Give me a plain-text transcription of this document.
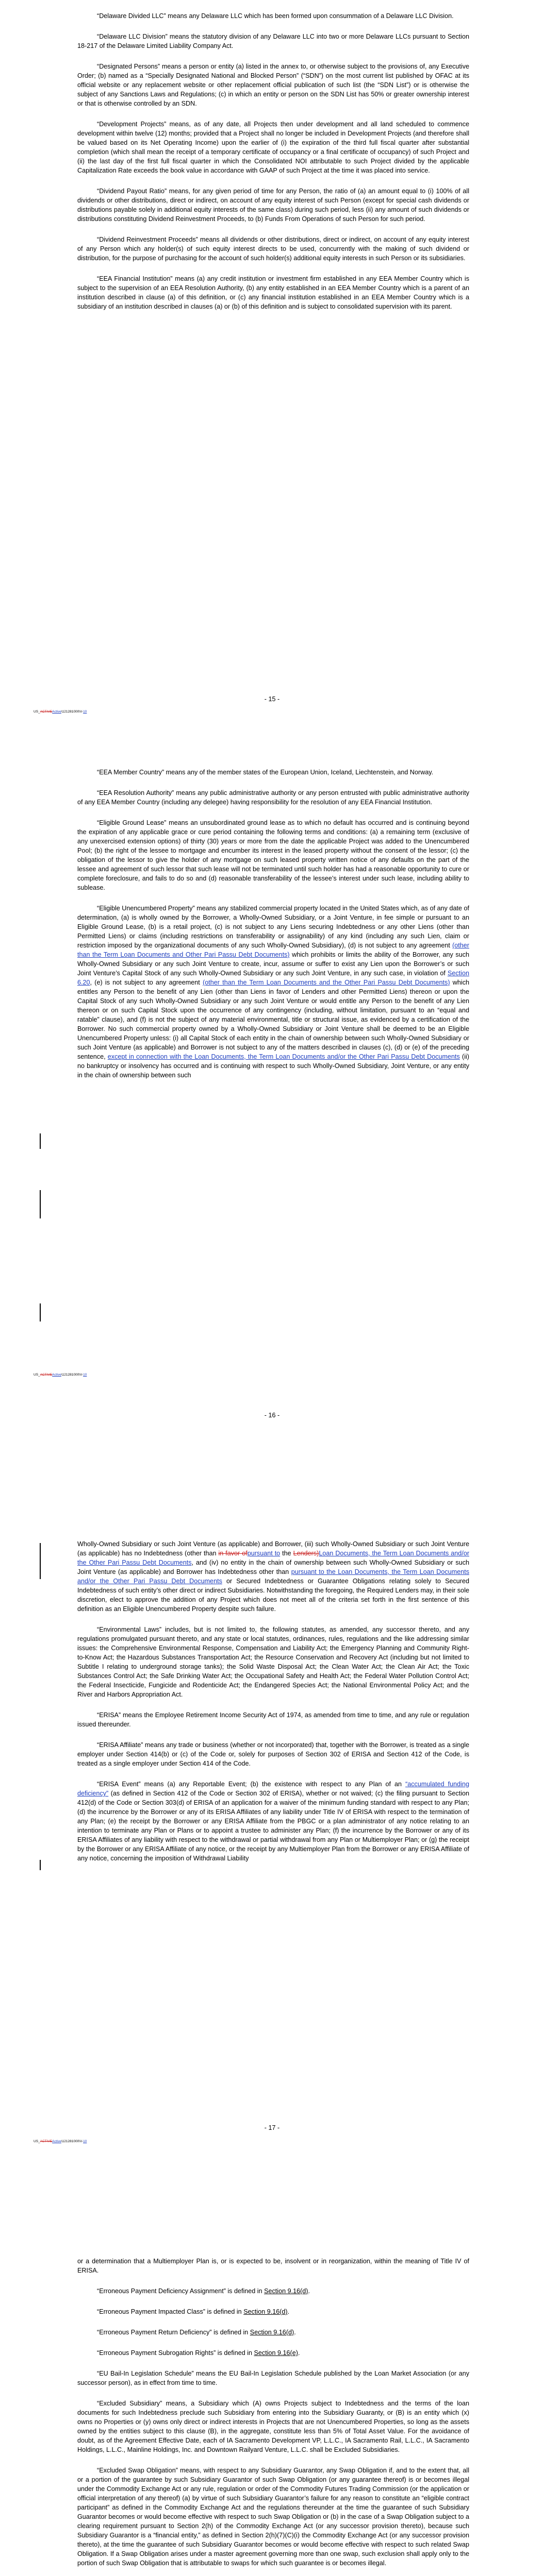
“Delaware Divided LLC” means any Delaware LLC which has been formed upon consummation of a Delaware LLC Division.

“Delaware LLC Division” means the statutory division of any Delaware LLC into two or more Delaware LLCs pursuant to Section 18-217 of the Delaware Limited Liability Company Act.

“Designated Persons” means a person or entity (a) listed in the annex to, or otherwise subject to the provisions of, any Executive Order; (b) named as a “Specially Designated National and Blocked Person” (“SDN”) on the most current list published by OFAC at its official website or any replacement website or other replacement official publication of such list (the “SDN List”) or is otherwise the subject of any Sanctions Laws and Regulations; (c) in which an entity or person on the SDN List has 50% or greater ownership interest or that is otherwise controlled by an SDN.

“Development Projects” means, as of any date, all Projects then under development and all land scheduled to commence development within twelve (12) months; provided that a Project shall no longer be included in Development Projects (and therefore shall be valued based on its Net Operating Income) upon the earlier of (i) the expiration of the third full fiscal quarter after substantial completion (which shall mean the receipt of a temporary certificate of occupancy or a final certificate of occupancy) of such Project and (ii) the last day of the first full fiscal quarter in which the Consolidated NOI attributable to such Project divided by the applicable Capitalization Rate exceeds the book value in accordance with GAAP of such Project at the time it was placed into service.

“Dividend Payout Ratio” means, for any given period of time for any Person, the ratio of (a) an amount equal to (i) 100% of all dividends or other distributions, direct or indirect, on account of any equity interest of such Person (except for special cash dividends or distributions payable solely in additional equity interests of the same class) during such period, less (ii) any amount of such dividends or distributions constituting Dividend Reinvestment Proceeds, to (b) Funds From Operations of such Person for such period.

“Dividend Reinvestment Proceeds” means all dividends or other distributions, direct or indirect, on account of any equity interest of any Person which any holder(s) of such equity interest directs to be used, concurrently with the making of such dividend or distribution, for the purpose of purchasing for the account of such holder(s) additional equity interests in such Person or its subsidiaries.

“EEA Financial Institution” means (a) any credit institution or investment firm established in any EEA Member Country which is subject to the supervision of an EEA Resolution Authority, (b) any entity established in an EEA Member Country which is a parent of an institution described in clause (a) of this definition, or (c) any financial institution established in an EEA Member Country which is a subsidiary of an institution described in clauses (a) or (b) of this definition and is subject to consolidated supervision with its parent.

- 15 -
US_ACTIVEActive\121281000\V-10

“EEA Member Country” means any of the member states of the European Union, Iceland, Liechtenstein, and Norway.

“EEA Resolution Authority” means any public administrative authority or any person entrusted with public administrative authority of any EEA Member Country (including any delegee) having responsibility for the resolution of any EEA Financial Institution.

“Eligible Ground Lease” means an unsubordinated ground lease as to which no default has occurred and is continuing beyond the expiration of any applicable grace or cure period containing the following terms and conditions: (a) a remaining term (exclusive of any unexercised extension options) of thirty (30) years or more from the date the applicable Project was added to the Unencumbered Pool; (b) the right of the lessee to mortgage and encumber its interest in the leased property without the consent of the lessor; (c) the obligation of the lessor to give the holder of any mortgage on such leased property written notice of any defaults on the part of the lessee and agreement of such lessor that such lease will not be terminated until such holder has had a reasonable opportunity to cure or complete foreclosure, and fails to do so and (d) reasonable transferability of the lessee’s interest under such lease, including ability to sublease.

“Eligible Unencumbered Property” means any stabilized commercial property located in the United States which, as of any date of determination, (a) is wholly owned by the Borrower, a Wholly-Owned Subsidiary, or a Joint Venture, in fee simple or pursuant to an Eligible Ground Lease, (b) is a retail project, (c) is not subject to any Liens securing Indebtedness or any other Liens (other than Permitted Liens) or claims (including restrictions on transferability or assignability) of any kind (including any such Lien, claim or restriction imposed by the organizational documents of any such Wholly-Owned Subsidiary), (d) is not subject to any agreement (other than the Term Loan Documents and Other Pari Passu Debt Documents) which prohibits or limits the ability of the Borrower, any such Wholly-Owned Subsidiary or any such Joint Venture to create, incur, assume or suffer to exist any Lien upon the Borrower’s or such Joint Venture’s Capital Stock of any such Wholly-Owned Subsidiary or any such Joint Venture, in any such case, in violation of Section 6.20, (e) is not subject to any agreement (other than the Term Loan Documents and the Other Pari Passu Debt Documents) which entitles any Person to the benefit of any Lien (other than Liens in favor of Lenders and other Permitted Liens) thereon or upon the Capital Stock of any such Wholly-Owned Subsidiary or any such Joint Venture or would entitle any Person to the benefit of any Lien thereon or on such Capital Stock upon the occurrence of any contingency (including, without limitation, pursuant to an “equal and ratable” clause), and (f) is not the subject of any material environmental, title or structural issue, as evidenced by a certification of the Borrower. No such commercial property owned by a Wholly-Owned Subsidiary or Joint Venture shall be deemed to be an Eligible Unencumbered Property unless: (i) all Capital Stock of each entity in the chain of ownership between such Wholly-Owned Subsidiary or such Joint Venture (as applicable) and Borrower is not subject to any of the matters described in clauses (c), (d) or (e) of the preceding sentence, except in connection with the Loan Documents, the Term Loan Documents and/or the Other Pari Passu Debt Documents (ii) no bankruptcy or insolvency has occurred and is continuing with respect to such Wholly-Owned Subsidiary, Joint Venture, or any entity in the chain of ownership between such

- 16 -
US_ACTIVEActive\121281000\V-10

Wholly-Owned Subsidiary or such Joint Venture (as applicable) and Borrower, (iii) such Wholly-Owned Subsidiary or such Joint Venture (as applicable) has no Indebtedness (other than in favor ofpursuant to the Lenders)Loan Documents, the Term Loan Documents and/or the Other Pari Passu Debt Documents, and (iv) no entity in the chain of ownership between such Wholly-Owned Subsidiary or such Joint Venture (as applicable) and Borrower has Indebtedness other than pursuant to the Loan Documents, the Term Loan Documents and/or the Other Pari Passu Debt Documents or Secured Indebtedness or Guarantee Obligations relating solely to Secured Indebtedness of such entity’s other direct or indirect Subsidiaries. Notwithstanding the foregoing, the Required Lenders may, in their sole discretion, elect to approve the addition of any Project which does not meet all of the criteria set forth in the first sentence of this definition as an Eligible Unencumbered Property despite such failure.

“Environmental Laws” includes, but is not limited to, the following statutes, as amended, any successor thereto, and any regulations promulgated pursuant thereto, and any state or local statutes, ordinances, rules, regulations and the like addressing similar issues: the Comprehensive Environmental Response, Compensation and Liability Act; the Emergency Planning and Community Right-to-Know Act; the Hazardous Substances Transportation Act; the Resource Conservation and Recovery Act (including but not limited to Subtitle I relating to underground storage tanks); the Solid Waste Disposal Act; the Clean Water Act; the Clean Air Act; the Toxic Substances Control Act; the Safe Drinking Water Act; the Occupational Safety and Health Act; the Federal Water Pollution Control Act; the Federal Insecticide, Fungicide and Rodenticide Act; the Endangered Species Act; the National Environmental Policy Act; and the River and Harbors Appropriation Act.

“ERISA” means the Employee Retirement Income Security Act of 1974, as amended from time to time, and any rule or regulation issued thereunder.

“ERISA Affiliate” means any trade or business (whether or not incorporated) that, together with the Borrower, is treated as a single employer under Section 414(b) or (c) of the Code or, solely for purposes of Section 302 of ERISA and Section 412 of the Code, is treated as a single employer under Section 414 of the Code.

“ERISA Event” means (a) any Reportable Event; (b) the existence with respect to any Plan of an “accumulated funding deficiency” (as defined in Section 412 of the Code or Section 302 of ERISA), whether or not waived; (c) the filing pursuant to Section 412(d) of the Code or Section 303(d) of ERISA of an application for a waiver of the minimum funding standard with respect to any Plan; (d) the incurrence by the Borrower or any of its ERISA Affiliates of any liability under Title IV of ERISA with respect to the termination of any Plan; (e) the receipt by the Borrower or any ERISA Affiliate from the PBGC or a plan administrator of any notice relating to an intention to terminate any Plan or Plans or to appoint a trustee to administer any Plan; (f) the incurrence by the Borrower or any of its ERISA Affiliates of any liability with respect to the withdrawal or partial withdrawal from any Plan or Multiemployer Plan; or (g) the receipt by the Borrower or any ERISA Affiliate of any notice, or the receipt by any Multiemployer Plan from the Borrower or any ERISA Affiliate of any notice, concerning the imposition of Withdrawal Liability

- 17 -
US_ACTIVEActive\121281000\V-10

or a determination that a Multiemployer Plan is, or is expected to be, insolvent or in reorganization, within the meaning of Title IV of ERISA.

“Erroneous Payment Deficiency Assignment” is defined in Section 9.16(d).

“Erroneous Payment Impacted Class” is defined in Section 9.16(d).

“Erroneous Payment Return Deficiency” is defined in Section 9.16(d).

“Erroneous Payment Subrogation Rights” is defined in Section 9.16(e).

“EU Bail-In Legislation Schedule” means the EU Bail-In Legislation Schedule published by the Loan Market Association (or any successor person), as in effect from time to time.

“Excluded Subsidiary” means, a Subsidiary which (A) owns Projects subject to Indebtedness and the terms of the loan documents for such Indebtedness preclude such Subsidiary from entering into the Subsidiary Guaranty, or (B) is an entity which (x) owns no Properties or (y) owns only direct or indirect interests in Projects that are not Unencumbered Properties, so long as the assets owned by the entities subject to this clause (B), in the aggregate, constitute less than 5% of Total Asset Value. For the avoidance of doubt, as of the Agreement Effective Date, each of IA Sacramento Development VP, L.L.C., IA Sacramento Rail, L.L.C., IA Sacramento Holdings, L.L.C., Mainline Holdings, Inc. and Downtown Railyard Venture, L.L.C. shall be Excluded Subsidiaries.

“Excluded Swap Obligation” means, with respect to any Subsidiary Guarantor, any Swap Obligation if, and to the extent that, all or a portion of the guarantee by such Subsidiary Guarantor of such Swap Obligation (or any guarantee thereof) is or becomes illegal under the Commodity Exchange Act or any rule, regulation or order of the Commodity Futures Trading Commission (or the application or official interpretation of any thereof) (a) by virtue of such Subsidiary Guarantor’s failure for any reason to constitute an “eligible contract participant” as defined in the Commodity Exchange Act and the regulations thereunder at the time the guarantee of such Subsidiary Guarantor becomes or would become effective with respect to such Swap Obligation or (b) in the case of a Swap Obligation subject to a clearing requirement pursuant to Section 2(h) of the Commodity Exchange Act (or any successor provision thereto), because such Subsidiary Guarantor is a “financial entity,” as defined in Section 2(h)(7)(C)(i) the Commodity Exchange Act (or any successor provision thereto), at the time the guarantee of such Subsidiary Guarantor becomes or would become effective with respect to such related Swap Obligation. If a Swap Obligation arises under a master agreement governing more than one swap, such exclusion shall apply only to the portion of such Swap Obligation that is attributable to swaps for which such guarantee is or becomes illegal.
